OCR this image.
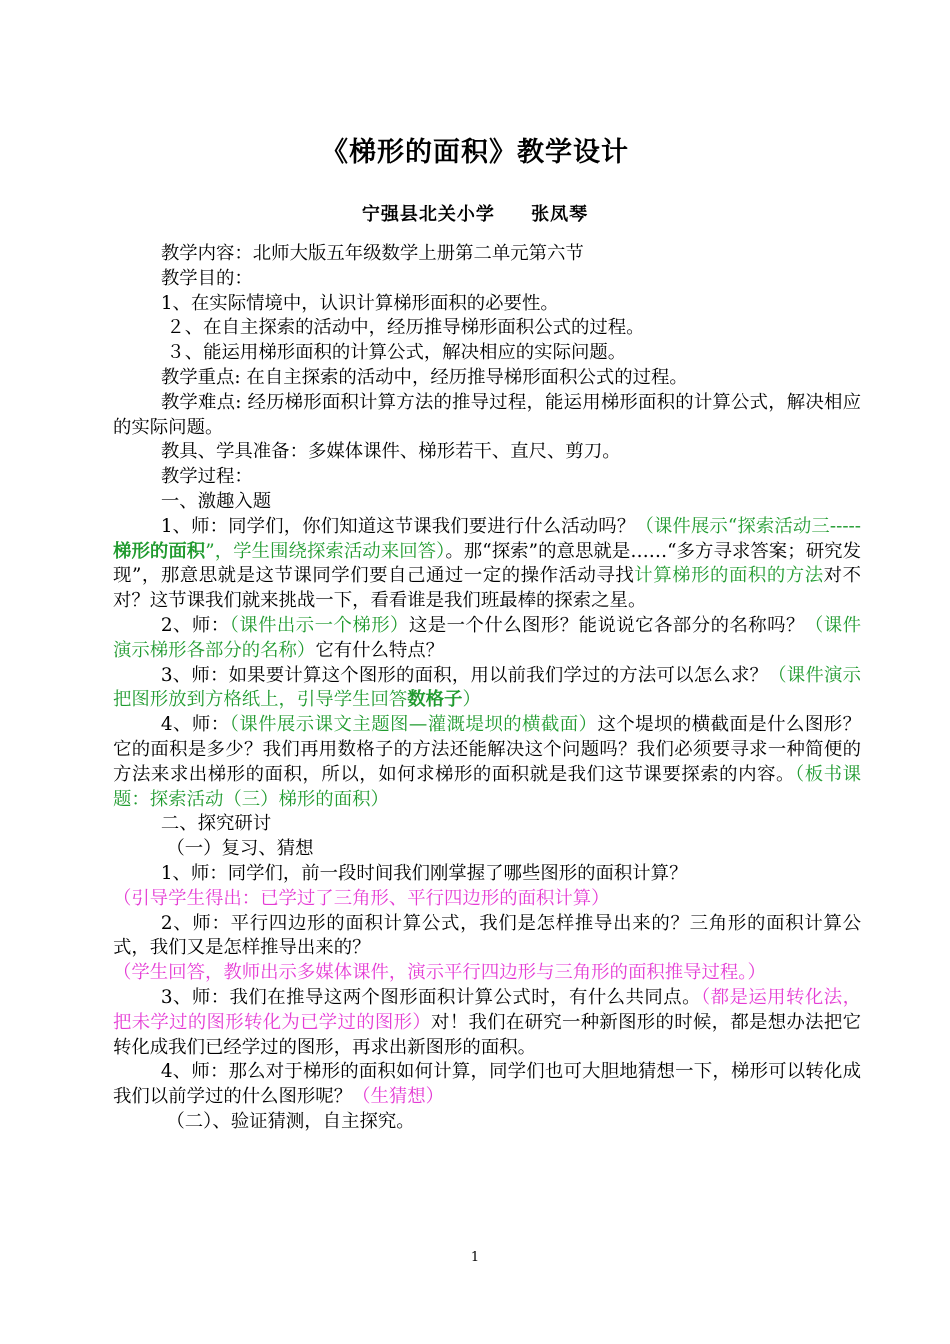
《梯形的面积》教学设计
宁强县北关小学     张凤琴

教学内容：北师大版五年级数学上册第二单元第六节

教学目的：

1、在实际情境中，认识计算梯形面积的必要性。

２、在自主探索的活动中，经历推导梯形面积公式的过程。

３、能运用梯形面积的计算公式，解决相应的实际问题。

教学重点: 在自主探索的活动中，经历推导梯形面积公式的过程。

教学难点: 经历梯形面积计算方法的推导过程，能运用梯形面积的计算公式，解决相应的实际问题。

教具、学具准备：多媒体课件、梯形若干、直尺、剪刀。

教学过程：

一、激趣入题

1、师：同学们，你们知道这节课我们要进行什么活动吗？（课件展示“探索活动三-----梯形的面积”，学生围绕探索活动来回答）。那“探索”的意思就是……“多方寻求答案；研究发现”，那意思就是这节课同学们要自己通过一定的操作活动寻找计算梯形的面积的方法对不对？这节课我们就来挑战一下，看看谁是我们班最棒的探索之星。

2、师：（课件出示一个梯形）这是一个什么图形？能说说它各部分的名称吗？（课件演示梯形各部分的名称）它有什么特点？

3、师：如果要计算这个图形的面积，用以前我们学过的方法可以怎么求？（课件演示把图形放到方格纸上，引导学生回答数格子）

4、师：（课件展示课文主题图—灌溉堤坝的横截面）这个堤坝的横截面是什么图形？它的面积是多少？我们再用数格子的方法还能解决这个问题吗？我们必须要寻求一种简便的方法来求出梯形的面积，所以，如何求梯形的面积就是我们这节课要探索的内容。（板书课题：探索活动（三）梯形的面积）

二、探究研讨

（一）复习、猜想

1、师：同学们，前一段时间我们刚掌握了哪些图形的面积计算？
（引导学生得出：已学过了三角形、平行四边形的面积计算）

2、师：平行四边形的面积计算公式，我们是怎样推导出来的？三角形的面积计算公式，我们又是怎样推导出来的？
（学生回答，教师出示多媒体课件，演示平行四边形与三角形的面积推导过程。）

3、师：我们在推导这两个图形面积计算公式时，有什么共同点。（都是运用转化法，把未学过的图形转化为已学过的图形）对！我们在研究一种新图形的时候，都是想办法把它转化成我们已经学过的图形，再求出新图形的面积。

4、师：那么对于梯形的面积如何计算，同学们也可大胆地猜想一下，梯形可以转化成我们以前学过的什么图形呢？（生猜想）

（二）、验证猜测，自主探究。

1
